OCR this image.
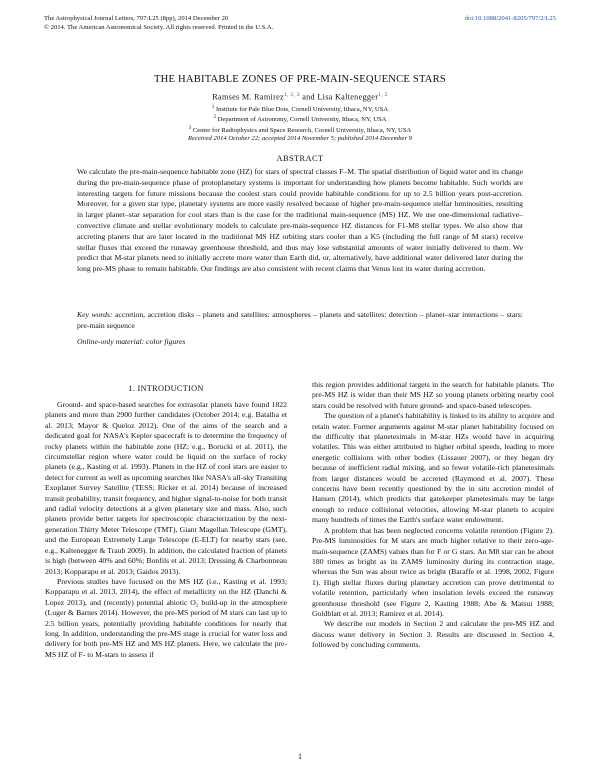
The Astrophysical Journal Letters, 797:L25 (8pp), 2014 December 20
© 2014. The American Astronomical Society. All rights reserved. Printed in the U.S.A.
doi:10.1088/2041-8205/797/2/L25
THE HABITABLE ZONES OF PRE-MAIN-SEQUENCE STARS
Ramses M. Ramirez$^{1, 2, 3}$ and Lisa Kaltenegger$^{1, 2}$
$^1$ Institute for Pale Blue Dots, Cornell University, Ithaca, NY, USA
$^2$ Department of Astronomy, Cornell University, Ithaca, NY, USA
$^3$ Center for Radiophysics and Space Research, Cornell University, Ithaca, NY, USA
Received 2014 October 22; accepted 2014 November 5; published 2014 December 9
ABSTRACT
We calculate the pre-main-sequence habitable zone (HZ) for stars of spectral classes F–M. The spatial distribution of liquid water and its change during the pre-main-sequence phase of protoplanetary systems is important for understanding how planets become habitable. Such worlds are interesting targets for future missions because the coolest stars could provide habitable conditions for up to 2.5 billion years post-accretion. Moreover, for a given star type, planetary systems are more easily resolved because of higher pre-main-sequence stellar luminosities, resulting in larger planet–star separation for cool stars than is the case for the traditional main-sequence (MS) HZ. We use one-dimensional radiative–convective climate and stellar evolutionary models to calculate pre-main-sequence HZ distances for F1-M8 stellar types. We also show that accreting planets that are later located in the traditional MS HZ orbiting stars cooler than a K5 (including the full range of M stars) receive stellar fluxes that exceed the runaway greenhouse threshold, and thus may lose substantial amounts of water initially delivered to them. We predict that M-star planets need to initially accrete more water than Earth did, or, alternatively, have additional water delivered later during the long pre-MS phase to remain habitable. Our findings are also consistent with recent claims that Venus lost its water during accretion.
Key words: accretion, accretion disks – planets and satellites: atmospheres – planets and satellites: detection – planet–star interactions – stars: pre-main sequence
Online-only material: color figures
1. INTRODUCTION

Ground- and space-based searches for extrasolar planets have found 1822 planets and more than 2900 further candidates (October 2014; e.g. Batalha et al. 2013; Mayor & Queloz 2012). One of the aims of the search and a dedicated goal for NASA's Kepler spacecraft is to determine the frequency of rocky planets within the habitable zone (HZ; e.g., Borucki et al. 2011), the circumstellar region where water could be liquid on the surface of rocky planets (e.g., Kasting et al. 1993). Planets in the HZ of cool stars are easier to detect for current as well as upcoming searches like NASA's all-sky Transiting Exoplanet Survey Satellite (TESS; Ricker et al. 2014) because of increased transit probability, transit frequency, and higher signal-to-noise for both transit and radial velocity detections at a given planetary size and mass. Also, such planets provide better targets for spectroscopic characterization by the next-generation Thirty Meter Telescope (TMT), Giant Magellan Telescope (GMT), and the European Extremely Large Telescope (E-ELT) for nearby stars (see, e.g., Kaltenegger & Traub 2009). In addition, the calculated fraction of planets is high (between 40% and 60%; Bonfils et al. 2013; Dressing & Charbonneau 2013; Kopparapu et al. 2013; Gaidos 2013).

Previous studies have focused on the MS HZ (i.e., Kasting et al. 1993; Kopparapu et al. 2013, 2014), the effect of metallicity on the HZ (Danchi & Lopez 2013), and (recently) potential abiotic O₂ build-up in the atmosphere (Luger & Barnes 2014). However, the pre-MS period of M stars can last up to 2.5 billion years, potentially providing habitable conditions for nearly that long. In addition, understanding the pre-MS stage is crucial for water loss and delivery for both pre-MS HZ and MS HZ planets. Here, we calculate the pre-MS HZ of F- to M-stars to assess if

this region provides additional targets in the search for habitable planets. The pre-MS HZ is wider than their MS HZ so young planets orbiting nearby cool stars could be resolved with future ground- and space-based telescopes.

The question of a planet's habitability is linked to its ability to acquire and retain water. Former arguments against M-star planet habitability focused on the difficulty that planetesimals in M-star HZs would have in acquiring volatiles. This was either attributed to higher orbital speeds, leading to more energetic collisions with other bodies (Lissauer 2007), or they began dry because of inefficient radial mixing, and so fewer volatile-rich planetesimals from larger distances would be accreted (Raymond et al. 2007). These concerns have been recently questioned by the in situ accretion model of Hansen (2014), which predicts that gatekeeper planetesimals may be large enough to reduce collisional velocities, allowing M-star planets to acquire many hundreds of times the Earth's surface water endowment.

A problem that has been neglected concerns volatile retention (Figure 2). Pre-MS luminosities for M stars are much higher relative to their zero-age-main-sequence (ZAMS) values than for F or G stars. An M8 star can be about 180 times as bright as its ZAMS luminosity during its contraction stage, whereas the Sun was about twice as bright (Baraffe et al. 1998, 2002, Figure 1). High stellar fluxes during planetary accretion can prove detrimental to volatile retention, particularly when insolation levels exceed the runaway greenhouse threshold (see Figure 2, Kasting 1988; Abe & Matsui 1988; Goldblatt et al. 2013; Ramirez et al. 2014).

We describe our models in Section 2 and calculate the pre-MS HZ and discuss water delivery in Section 3. Results are discussed in Section 4, followed by concluding comments.

1
